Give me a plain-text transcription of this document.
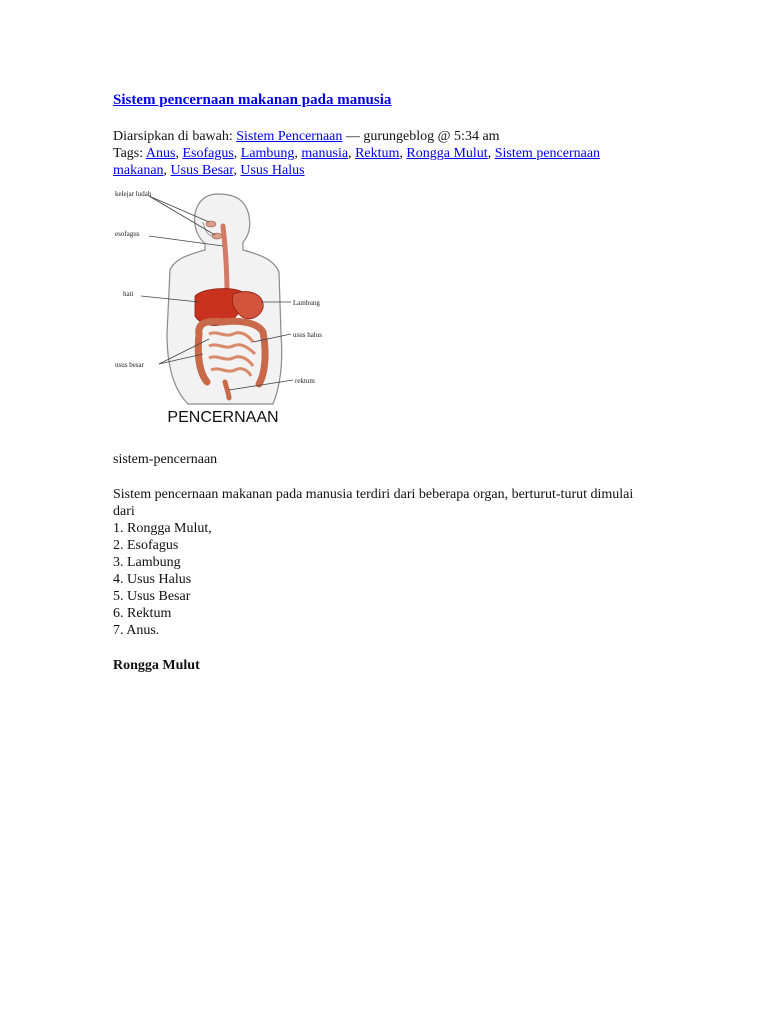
Sistem pencernaan makanan pada manusia
Diarsipkan di bawah: Sistem Pencernaan — gurungeblog @ 5:34 am
Tags: Anus, Esofagus, Lambung, manusia, Rektum, Rongga Mulut, Sistem pencernaan makanan, Usus Besar, Usus Halus
kelejar ludah
esofagus
hati
Lambung
usus halus
usus besar
rektum
PENCERNAAN
sistem-pencernaan
Sistem pencernaan makanan pada manusia terdiri dari beberapa organ, berturut-turut dimulai dari
1. Rongga Mulut,
2. Esofagus
3. Lambung
4. Usus Halus
5. Usus Besar
6. Rektum
7. Anus.
Rongga Mulut
